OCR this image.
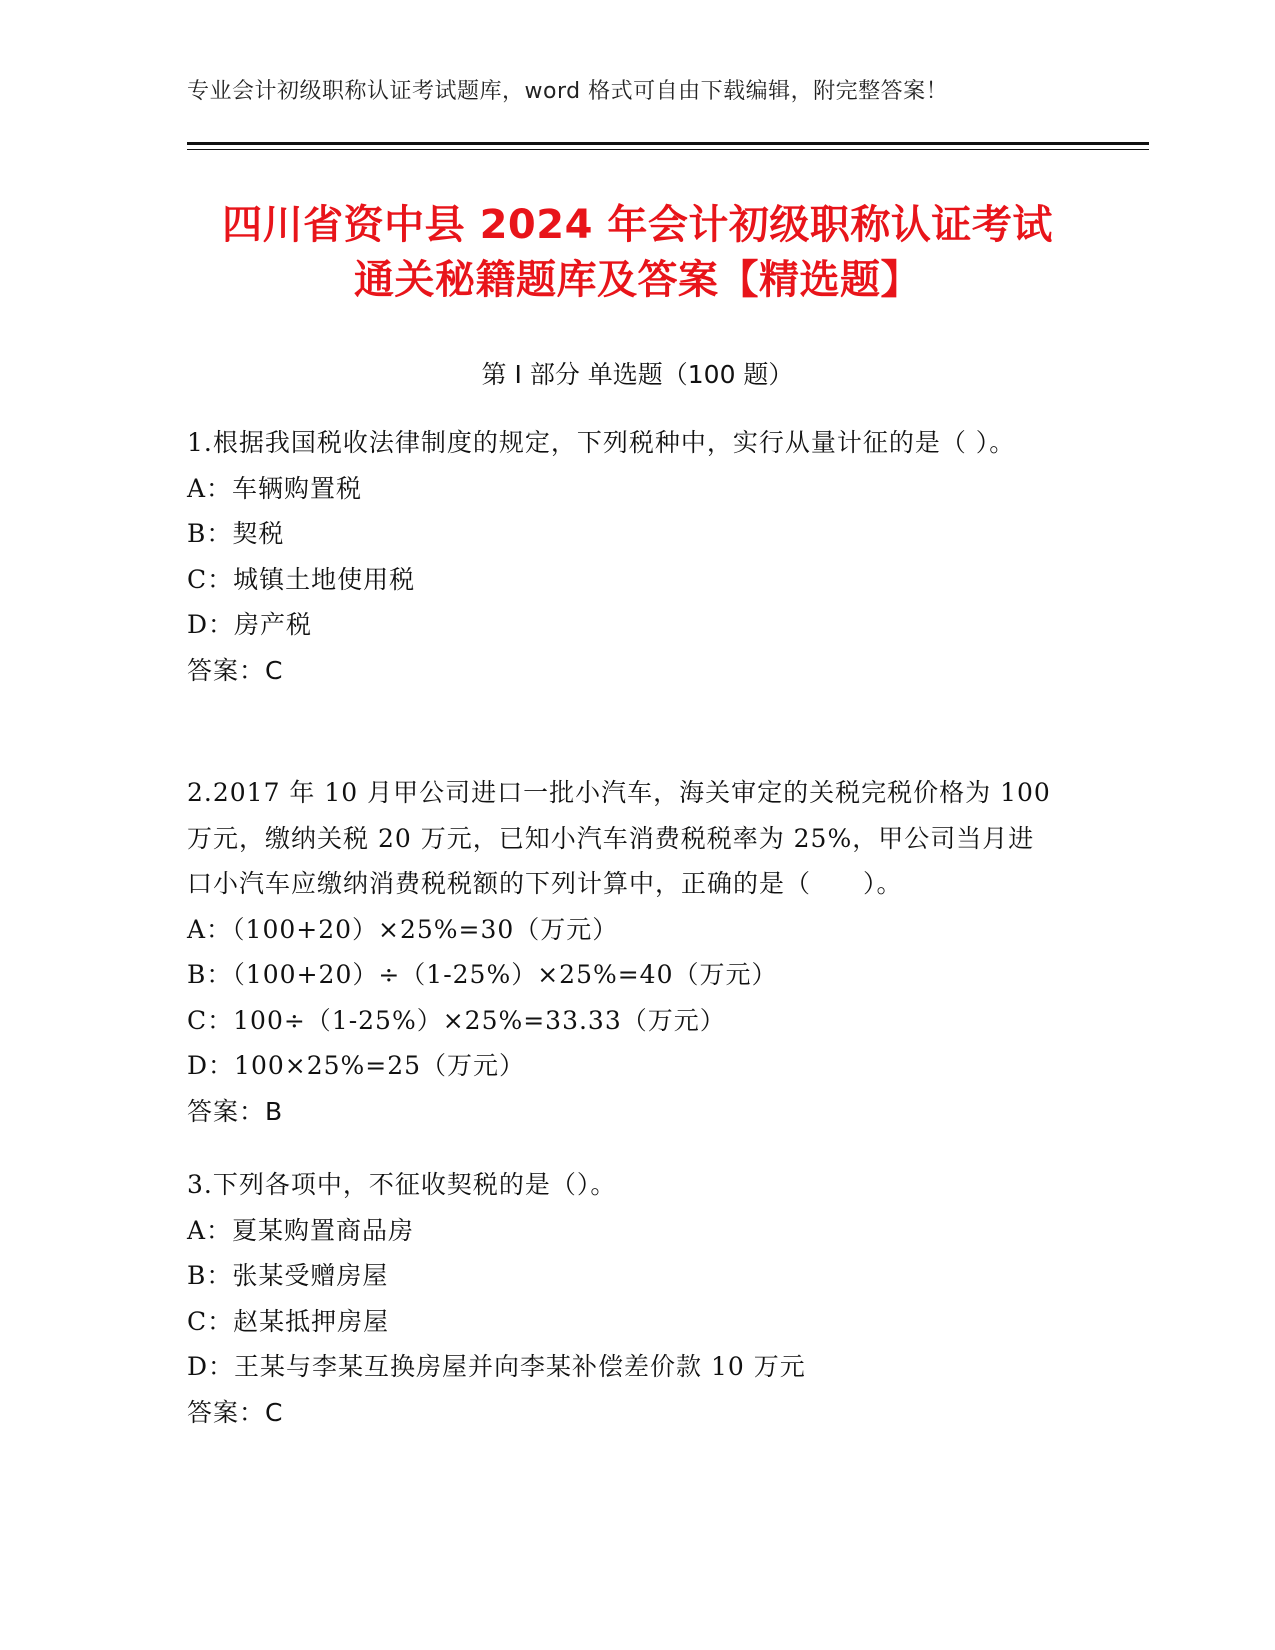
专业会计初级职称认证考试题库，word 格式可自由下载编辑，附完整答案！
四川省资中县 2024 年会计初级职称认证考试
通关秘籍题库及答案【精选题】
第 I 部分 单选题（100 题）
1.根据我国税收法律制度的规定，下列税种中，实行从量计征的是（ ）。
A：车辆购置税
B：契税
C：城镇土地使用税
D：房产税
答案：C
2.2017 年 10 月甲公司进口一批小汽车，海关审定的关税完税价格为 100 万元，缴纳关税 20 万元，已知小汽车消费税税率为 25%，甲公司当月进口小汽车应缴纳消费税税额的下列计算中，正确的是（　　）。
A：（100+20）×25%=30（万元）
B：（100+20）÷（1-25%）×25%=40（万元）
C：100÷（1-25%）×25%=33.33（万元）
D：100×25%=25（万元）
答案：B
3.下列各项中，不征收契税的是（）。
A：夏某购置商品房
B：张某受赠房屋
C：赵某抵押房屋
D：王某与李某互换房屋并向李某补偿差价款 10 万元
答案：C
